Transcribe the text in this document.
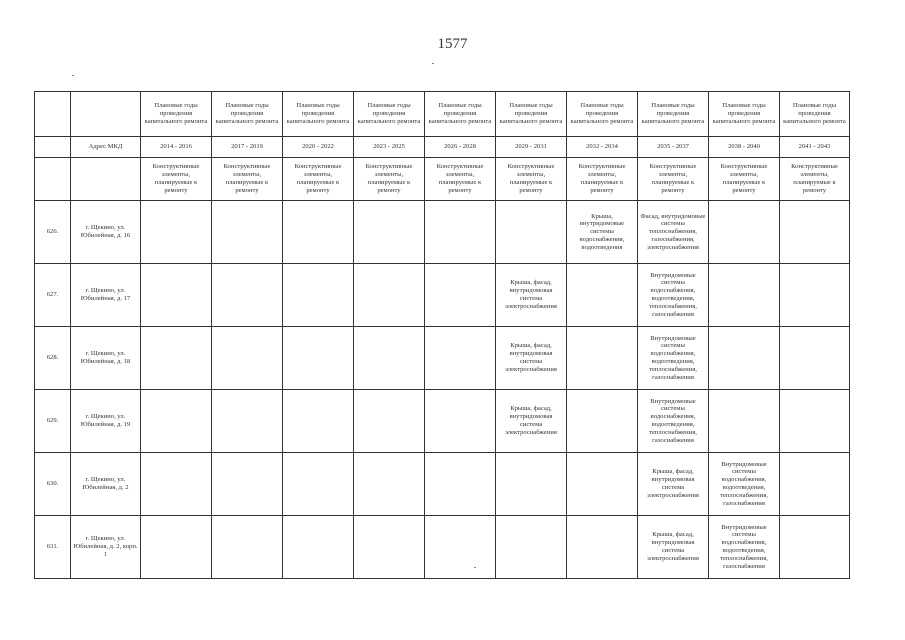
1577
		Плановые годы проведения капитального ремонта	Плановые годы проведения капитального ремонта	Плановые годы проведения капитального ремонта	Плановые годы проведения капитального ремонта	Плановые годы проведения капитального ремонта	Плановые годы проведения капитального ремонта	Плановые годы проведения капитального ремонта	Плановые годы проведения капитального ремонта	Плановые годы проведения капитального ремонта	Плановые годы проведения капитального ремонта
	Адрес МКД	2014 - 2016	2017 - 2019	2020 - 2022	2023 - 2025	2026 - 2028	2029 - 2031	2032 - 2034	2035 - 2037	2038 - 2040	2041 - 2043
		Конструктивные элементы, планируемые к ремонту	Конструктивные элементы, планируемые к ремонту	Конструктивные элементы, планируемые к ремонту	Конструктивные элементы, планируемые к ремонту	Конструктивные элементы, планируемые к ремонту	Конструктивные элементы, планируемые к ремонту	Конструктивные элементы, планируемые к ремонту	Конструктивные элементы, планируемые к ремонту	Конструктивные элементы, планируемые к ремонту	Конструктивные элементы, планируемые к ремонту
626.	г. Щекино, ул. Юбилейная, д. 16							Крыша, внутридомовые системы водоснабжения, водоотведения	Фасад, внутридомовые системы теплоснабжения, газоснабжения, электроснабжения		
627.	г. Щекино, ул. Юбилейная, д. 17						Крыша, фасад, внутридомовая система электроснабжения		Внутридомовые системы водоснабжения, водоотведения, теплоснабжения, газоснабжения		
628.	г. Щекино, ул. Юбилейная, д. 18						Крыша, фасад, внутридомовая система электроснабжения		Внутридомовые системы водоснабжения, водоотведения, теплоснабжения, газоснабжения		
629.	г. Щекино, ул. Юбилейная, д. 19						Крыша, фасад, внутридомовая система электроснабжения		Внутридомовые системы водоснабжения, водоотведения, теплоснабжения, газоснабжения		
630.	г. Щекино, ул. Юбилейная, д. 2								Крыша, фасад, внутридомовая система электроснабжения	Внутридомовые системы водоснабжения, водоотведения, теплоснабжения, газоснабжения	
631.	г. Щекино, ул. Юбилейная, д. 2, корп. 1								Крыша, фасад, внутридомовая система электроснабжения	Внутридомовые системы водоснабжения, водоотведения, теплоснабжения, газоснабжения	
